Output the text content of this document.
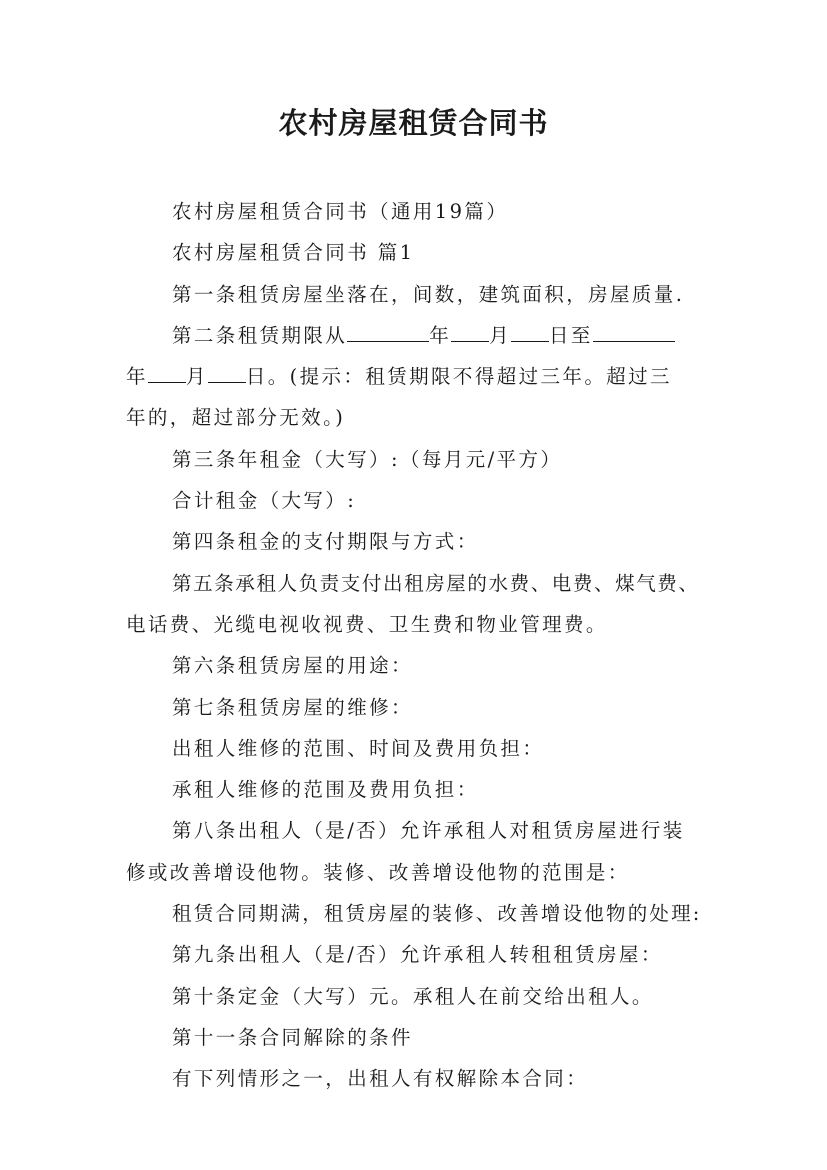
农村房屋租赁合同书

农村房屋租赁合同书（通用19篇）

农村房屋租赁合同书 篇1

第一条租赁房屋坐落在，间数，建筑面积，房屋质量.

第二条租赁期限从	年 月 日至

年 月 日。(提示：租赁期限不得超过三年。超过三

年的，超过部分无效。)

第三条年租金（大写）:（每月元/平方）

合计租金（大写）:

第四条租金的支付期限与方式：

第五条承租人负责支付出租房屋的水费、电费、煤气费、

电话费、光缆电视收视费、卫生费和物业管理费。

第六条租赁房屋的用途：

第七条租赁房屋的维修：

出租人维修的范围、时间及费用负担：

承租人维修的范围及费用负担：

第八条出租人（是/否）允许承租人对租赁房屋进行装

修或改善增设他物。装修、改善增设他物的范围是：

租赁合同期满，租赁房屋的装修、改善增设他物的处理:

第九条出租人（是/否）允许承租人转租租赁房屋：

第十条定金（大写）元。承租人在前交给出租人。

第十一条合同解除的条件

有下列情形之一，出租人有权解除本合同：
